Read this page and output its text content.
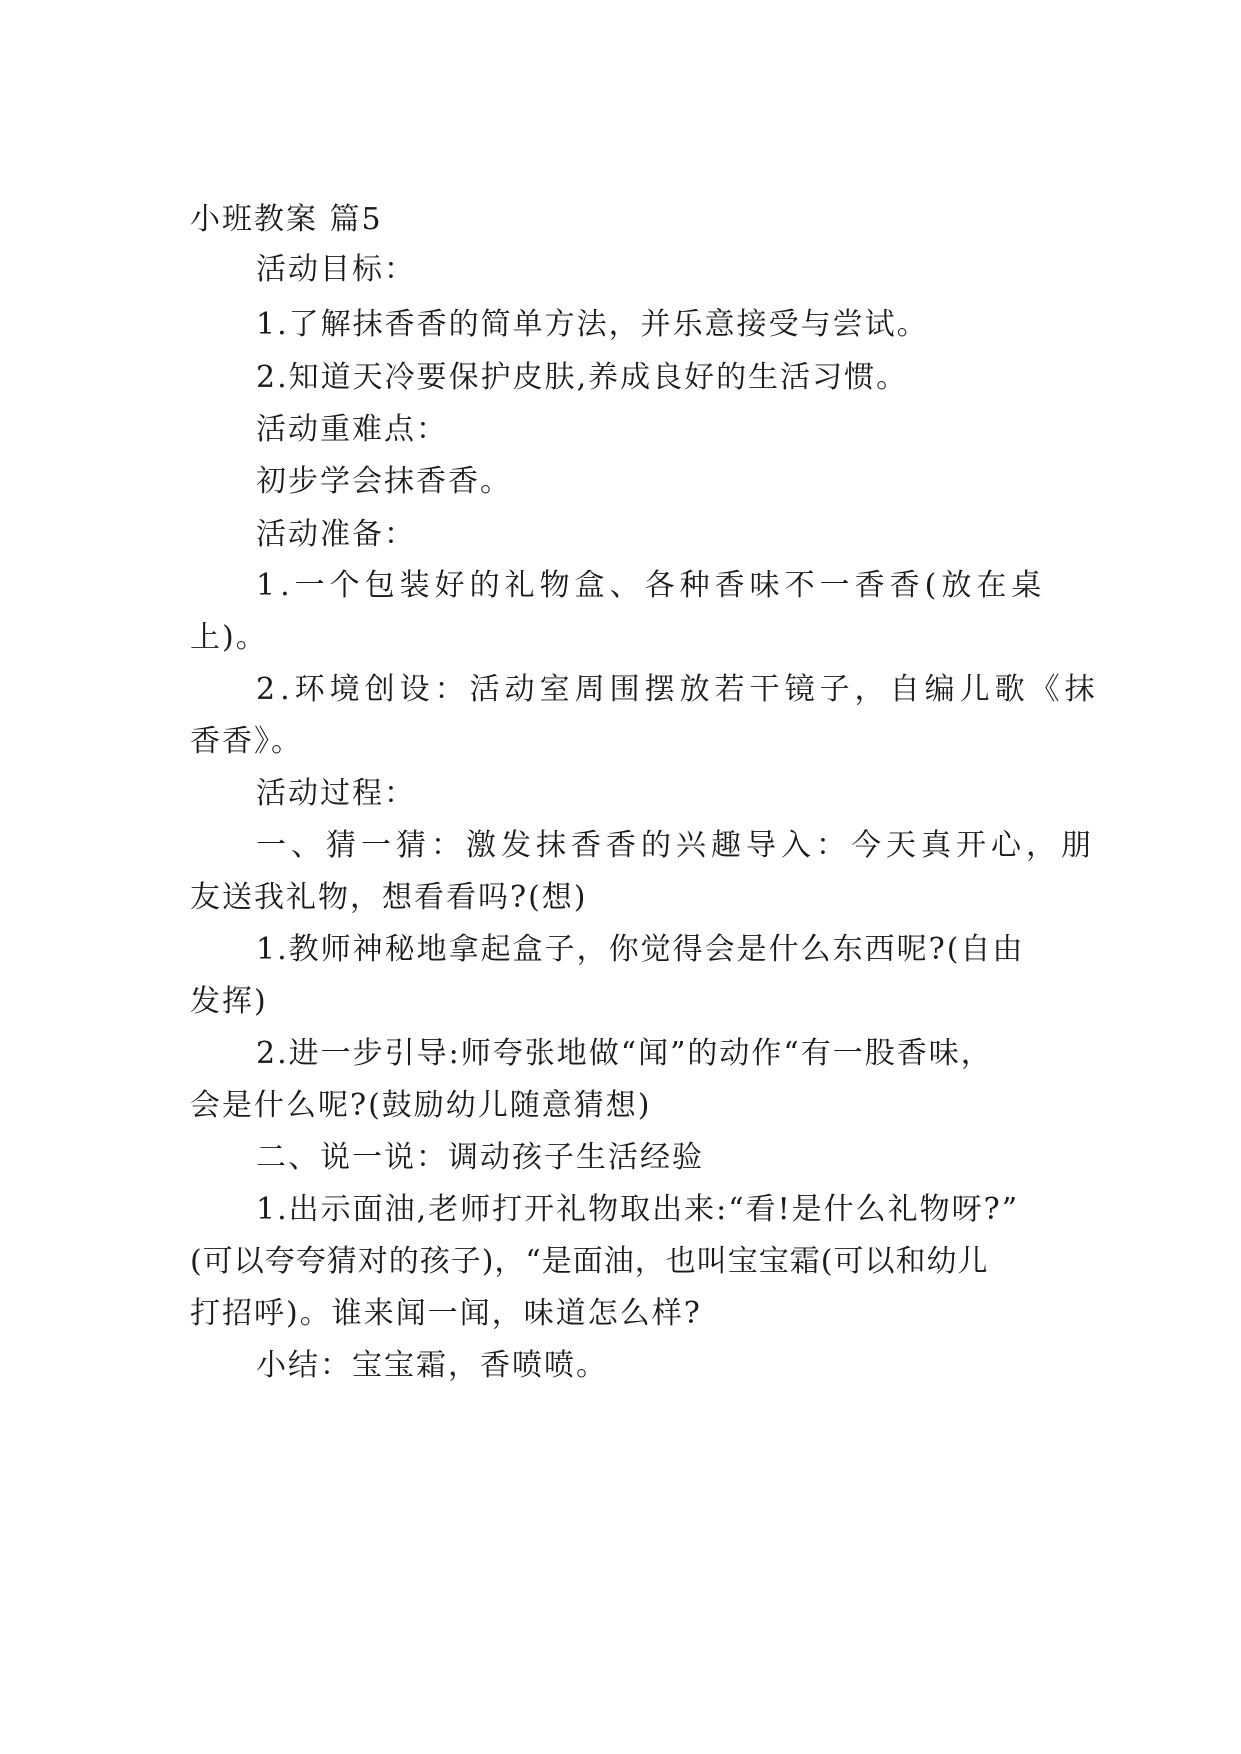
小班教案 篇5
活动目标：
1.了解抹香香的简单方法，并乐意接受与尝试。
2.知道天冷要保护皮肤,养成良好的生活习惯。
活动重难点：
初步学会抹香香。
活动准备：
1.一个包装好的礼物盒、各种香味不一香香(放在桌
上)。
2.环境创设：活动室周围摆放若干镜子，自编儿歌《抹
香香》。
活动过程：
一、猜一猜：激发抹香香的兴趣导入：今天真开心，朋
友送我礼物，想看看吗?(想)
1.教师神秘地拿起盒子，你觉得会是什么东西呢?(自由
发挥)
2.进一步引导:师夸张地做“闻”的动作“有一股香味，
会是什么呢?(鼓励幼儿随意猜想)
二、说一说：调动孩子生活经验
1.出示面油,老师打开礼物取出来:“看!是什么礼物呀?”
(可以夸夸猜对的孩子)，“是面油，也叫宝宝霜(可以和幼儿
打招呼)。谁来闻一闻，味道怎么样?
小结：宝宝霜，香喷喷。
